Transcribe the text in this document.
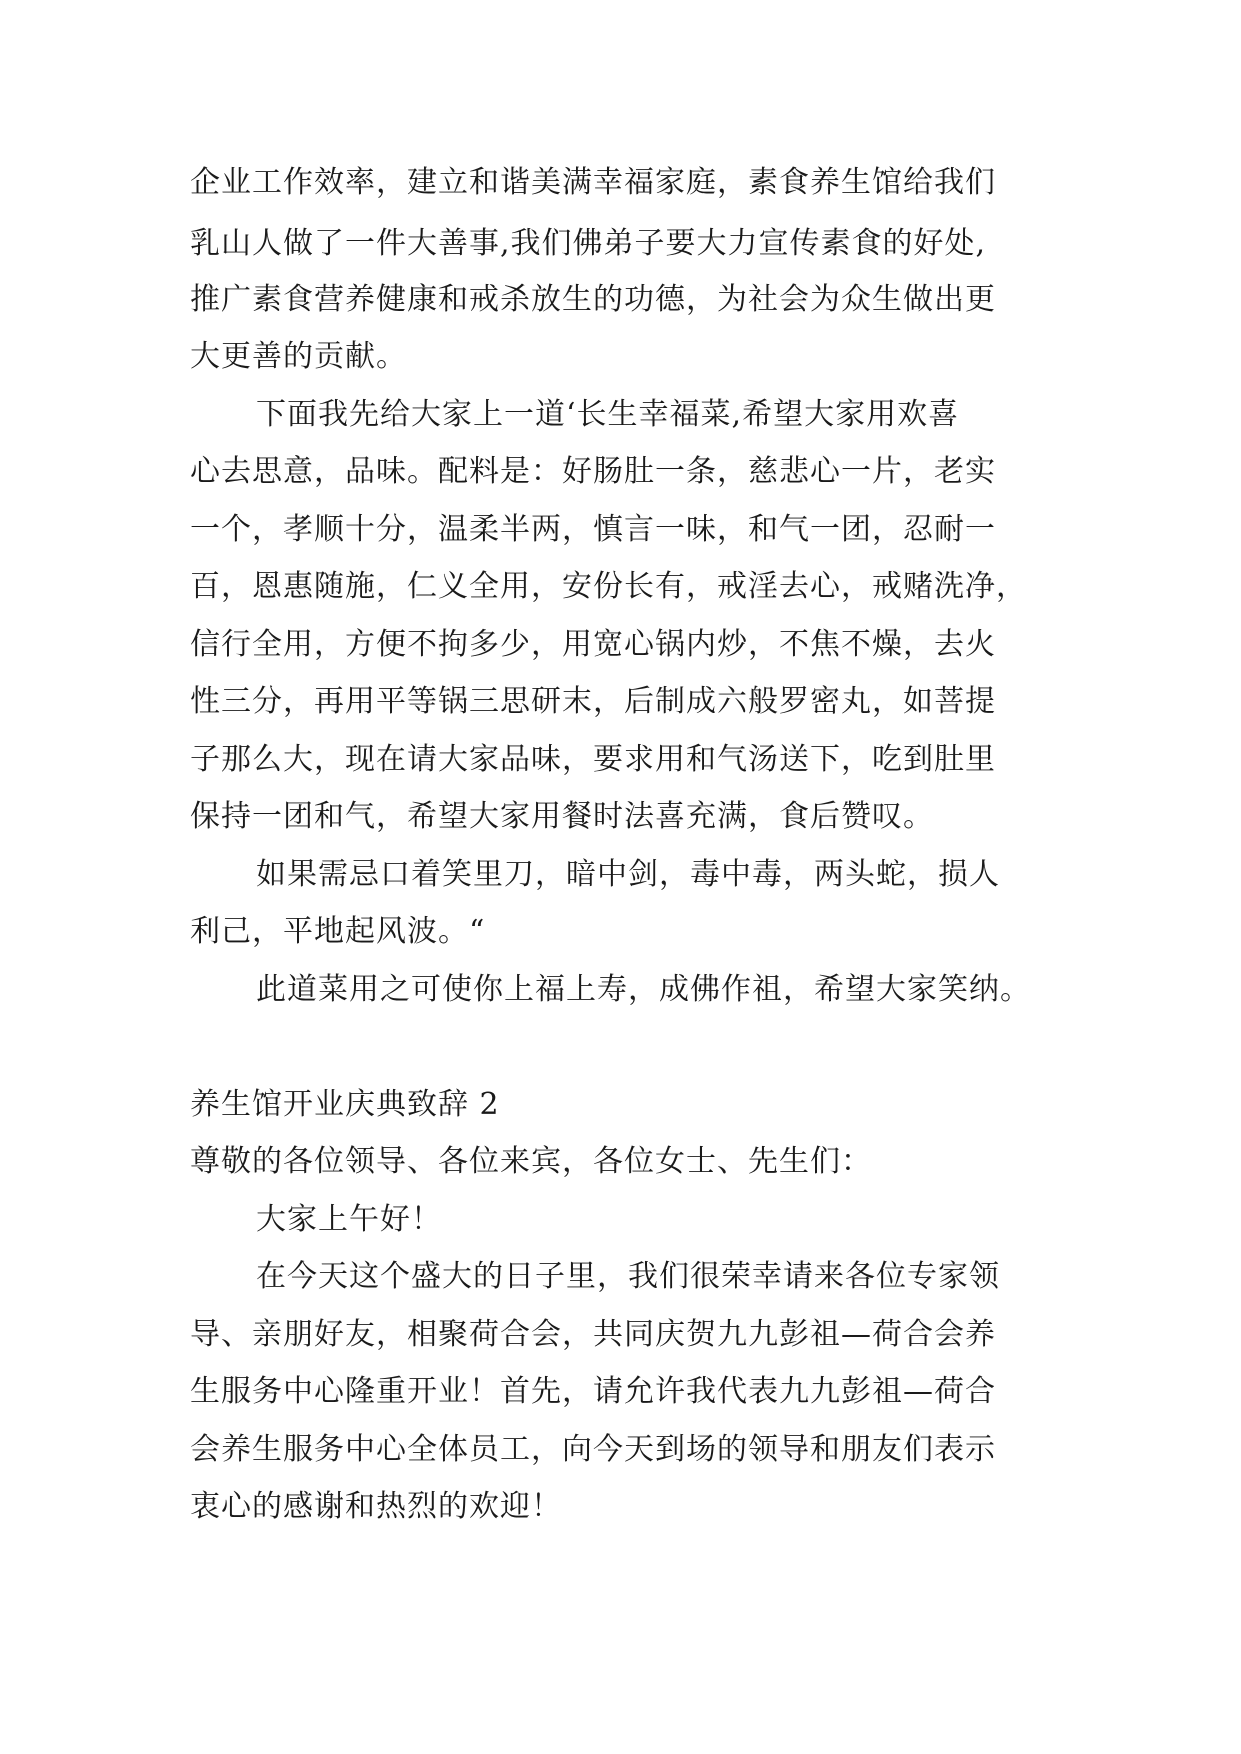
企业工作效率，建立和谐美满幸福家庭，素食养生馆给我们
乳山人做了一件大善事,我们佛弟子要大力宣传素食的好处,
推广素食营养健康和戒杀放生的功德，为社会为众生做出更
大更善的贡献。
下面我先给大家上一道‘长生幸福菜,希望大家用欢喜
心去思意，品味。配料是：好肠肚一条，慈悲心一片，老实
一个，孝顺十分，温柔半两，慎言一味，和气一团，忍耐一
百，恩惠随施，仁义全用，安份长有，戒淫去心，戒赌洗净，
信行全用，方便不拘多少，用宽心锅内炒，不焦不燥，去火
性三分，再用平等锅三思研末，后制成六般罗密丸，如菩提
子那么大，现在请大家品味，要求用和气汤送下，吃到肚里
保持一团和气，希望大家用餐时法喜充满，食后赞叹。
如果需忌口着笑里刀，暗中剑，毒中毒，两头蛇，损人
利己，平地起风波。“
此道菜用之可使你上福上寿，成佛作祖，希望大家笑纳。
养生馆开业庆典致辞 2
尊敬的各位领导、各位来宾，各位女士、先生们：
大家上午好！
在今天这个盛大的日子里，我们很荣幸请来各位专家领
导、亲朋好友，相聚荷合会，共同庆贺九九彭祖—荷合会养
生服务中心隆重开业！首先，请允许我代表九九彭祖—荷合
会养生服务中心全体员工，向今天到场的领导和朋友们表示
衷心的感谢和热烈的欢迎！
